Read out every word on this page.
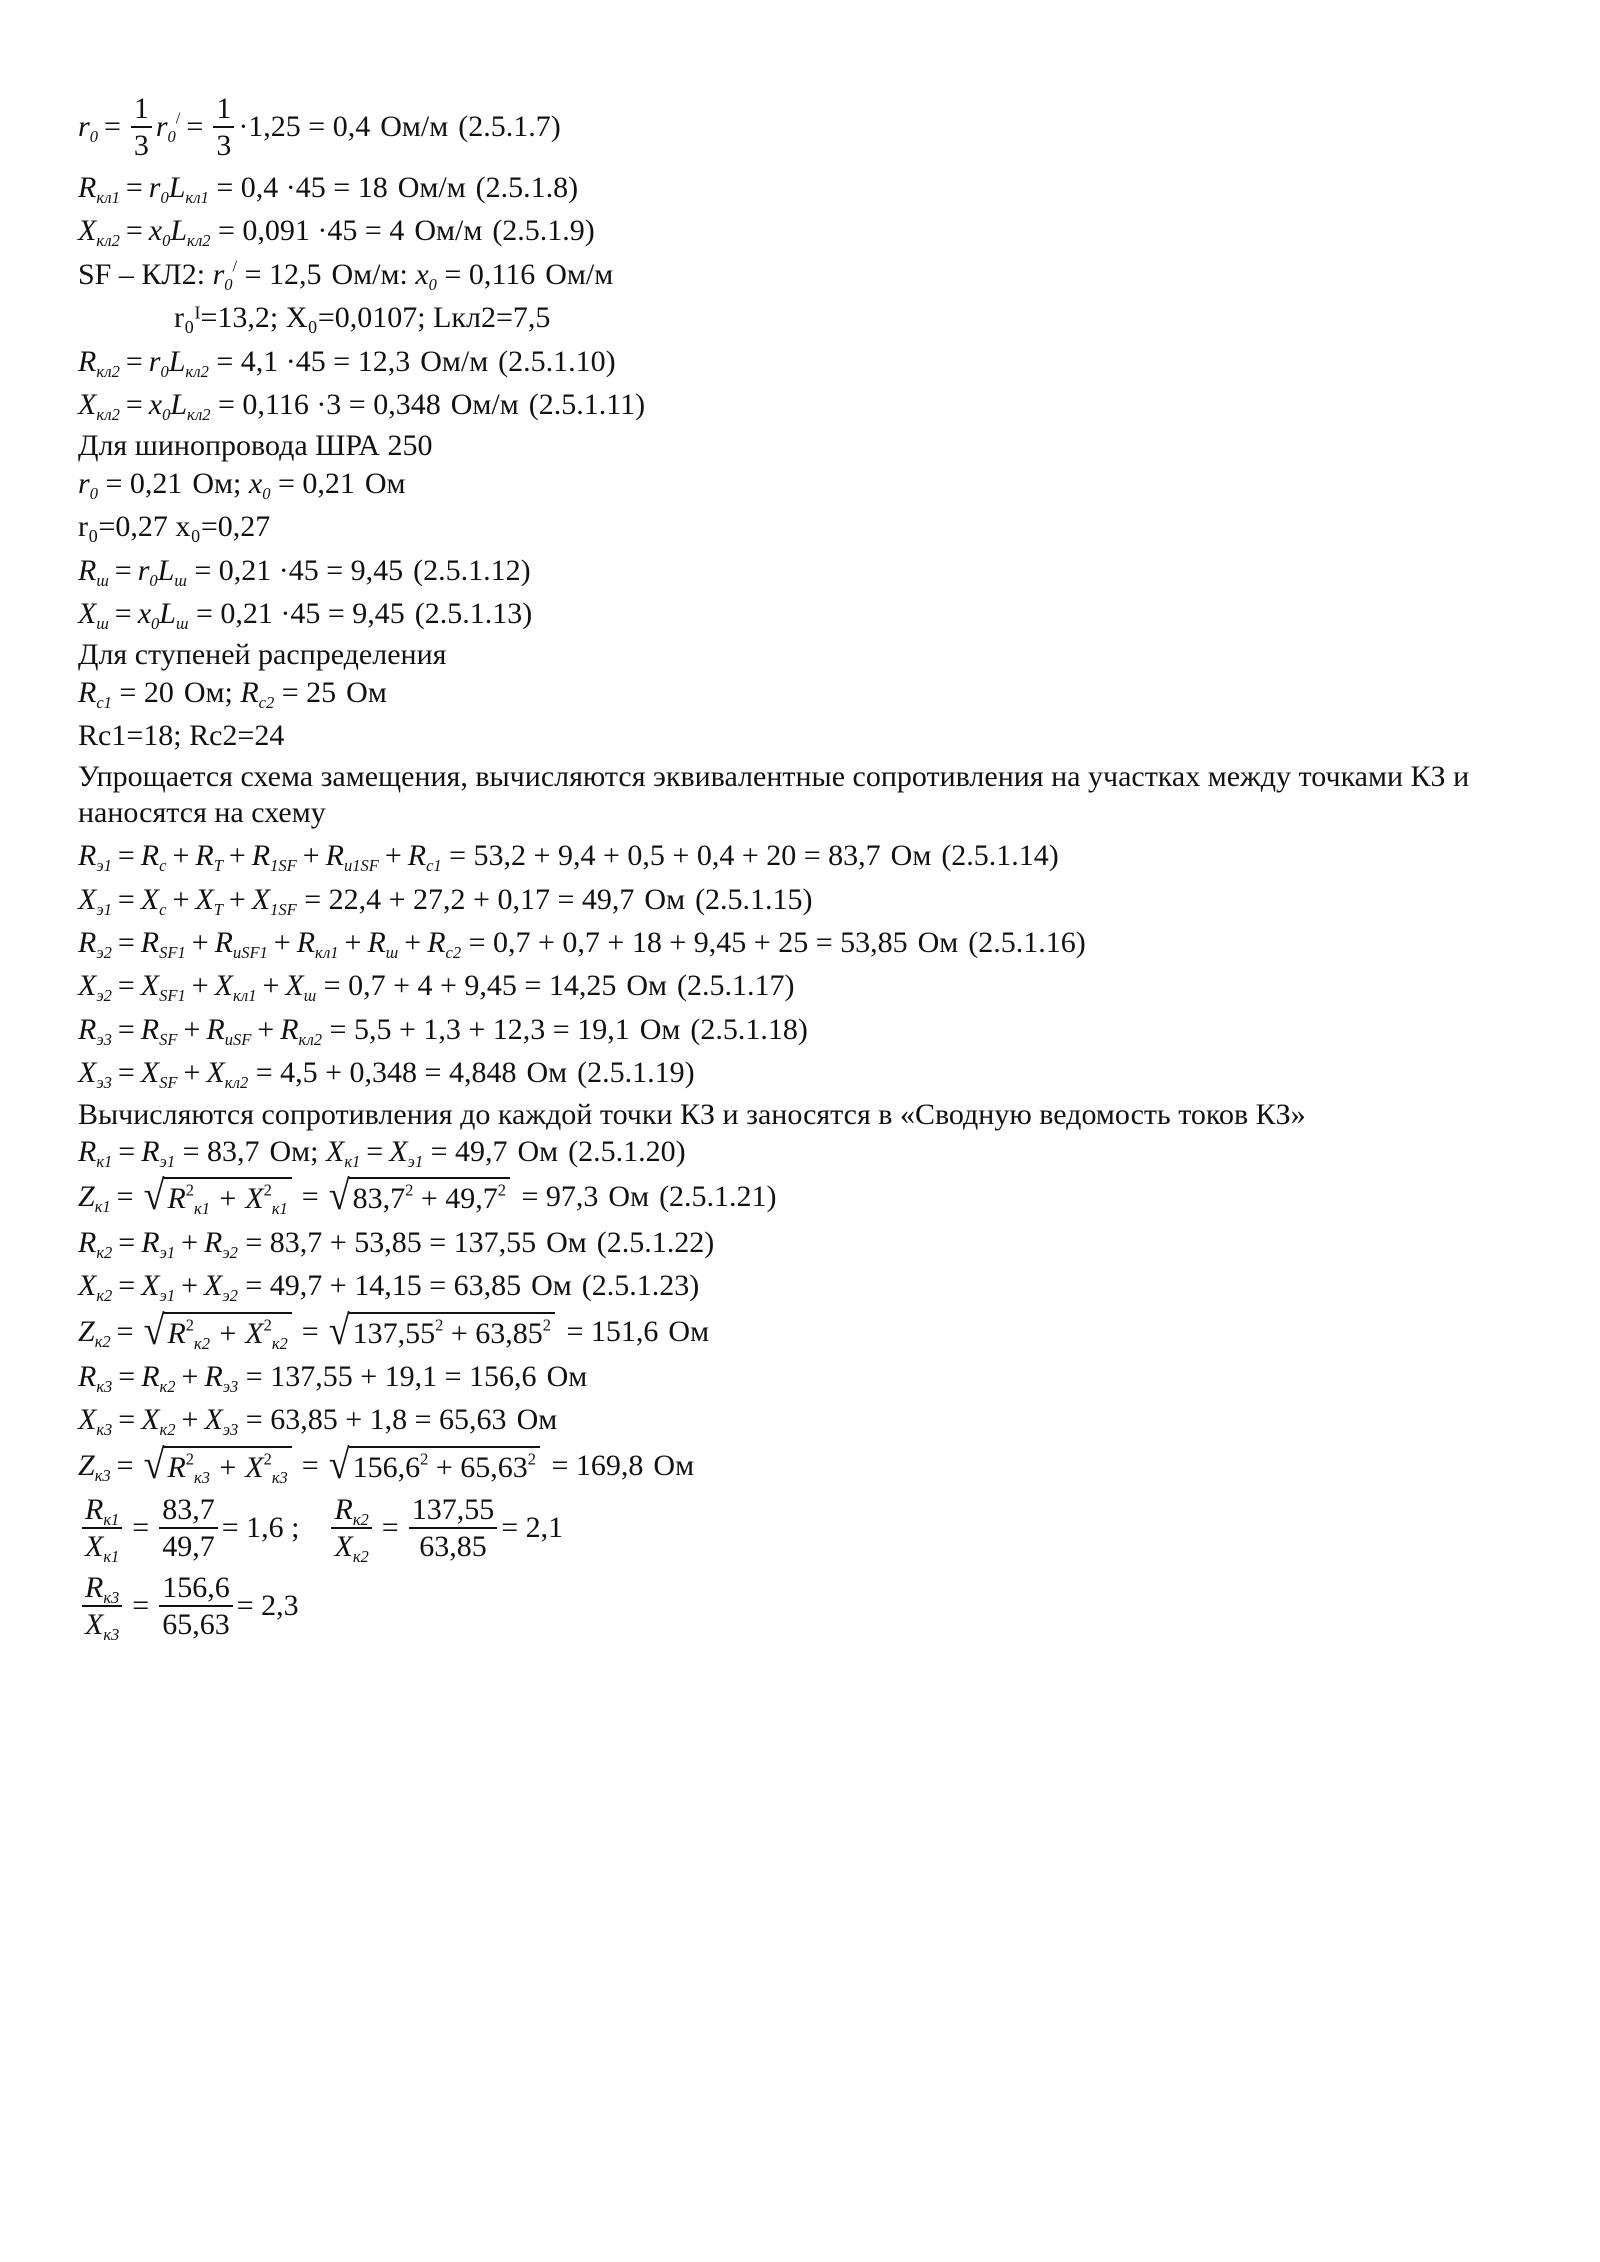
$r_0 = \frac{1}{3} r_0^/ = \frac{1}{3} \cdot 1,25 = 0,4$ Ом/м (2.5.1.7)
$R_{кл1} = r_0L_{кл1}$
= 0,4 ·45 = 18 Ом/м (2.5.1.8)
$X_{кл2} = x_0L_{кл2}$
= 0,091 ·45 = 4 Ом/м (2.5.1.9)
SF – КЛ2:
$r_0^/$
= 12,5 Ом/м :
$x_0$
= 0,116 Ом/м
r₀ᴵ=13,2; X₀=0,0107; Lкл2=7,5
$R_{кл2} = r_0L_{кл2}$
= 4,1 ·45 = 12,3 Ом/м (2.5.1.10)
$X_{кл2} = x_0L_{кл2}$
= 0,116 ·3 = 0,348 Ом/м (2.5.1.11)
Для шинопровода ШРА 250
$r_0$
= 0,21 Ом ; $x_0$
= 0,21 Ом
r₀=0,27 x₀=0,27
$R_ш = r_0L_ш$
= 0,21 ·45 = 9,45 (2.5.1.12)
$X_ш = x_0L_ш$
= 0,21 ·45 = 9,45 (2.5.1.13)
Для ступеней распределения
$R_{c1}$
= 20 Ом ; $R_{c2}$
= 25 Ом
Rc1=18; Rc2=24
Упрощается схема замещения, вычисляются эквивалентные сопротивления на участках между точками КЗ и наносятся на схему
$R_{э1} = R_c + R_T + R_{1SF} + R_{u1SF} + R_{c1}$
= 53,2 + 9,4 + 0,5 + 0,4 + 20 = 83,7 Ом (2.5.1.14)
$X_{э1} = X_c + X_T + X_{1SF}$
= 22,4 + 27,2 + 0,17 = 49,7 Ом (2.5.1.15)
$R_{э2} = R_{SF1} + R_{uSF1} + R_{кл1} + R_ш + R_{c2}$
= 0,7 + 0,7 + 18 + 9,45 + 25 = 53,85 Ом (2.5.1.16)
$X_{э2} = X_{SF1} + X_{кл1} + X_ш$
= 0,7 + 4 + 9,45 = 14,25 Ом (2.5.1.17)
$R_{э3} = R_{SF} + R_{uSF} + R_{кл2}$
= 5,5 + 1,3 + 12,3 = 19,1 Ом (2.5.1.18)
$X_{э3} = X_{SF} + X_{кл2}$
= 4,5 + 0,348 = 4,848 Ом (2.5.1.19)
Вычисляются сопротивления до каждой точки КЗ и заносятся в «Сводную ведомость токов КЗ»
$R_{к1} = R_{э1}$
= 83,7 Ом ; $X_{к1} = X_{э1}$
= 49,7 Ом (2.5.1.20)
$Z_{к1}$ = √ $R^2_{к1} + X^2_{к1}$ = √ $83,7^2 + 49,7^2$
= 97,3 Ом (2.5.1.21)
$R_{к2} = R_{э1} + R_{э2}$
= 83,7 + 53,85 = 137,55 Ом (2.5.1.22)
$X_{к2} = X_{э1} + X_{э2}$
= 49,7 + 14,15 = 63,85 Ом (2.5.1.23)
$Z_{к2}$ = √ $R^2_{к2} + X^2_{к2}$ = √ $137,55^2 + 63,85^2$
= 151,6 Ом
$R_{к3} = R_{к2} + R_{э3}$
= 137,55 + 19,1 = 156,6 Ом
$X_{к3} = X_{к2} + X_{э3}$
= 63,85 + 1,8 = 65,63 Ом
$Z_{к3}$ = √ $R^2_{к3} + X^2_{к3}$ = √ $156,6^2 + 65,63^2$
= 169,8 Ом
$\frac{R_{к1}}{X_{к1}} = \frac{83,7}{49,7} = 1,6$ ; $\frac{R_{к2}}{X_{к2}} = \frac{137,55}{63,85} = 2,1$
$\frac{R_{к3}}{X_{к3}} = \frac{156,6}{65,63} = 2,3$
